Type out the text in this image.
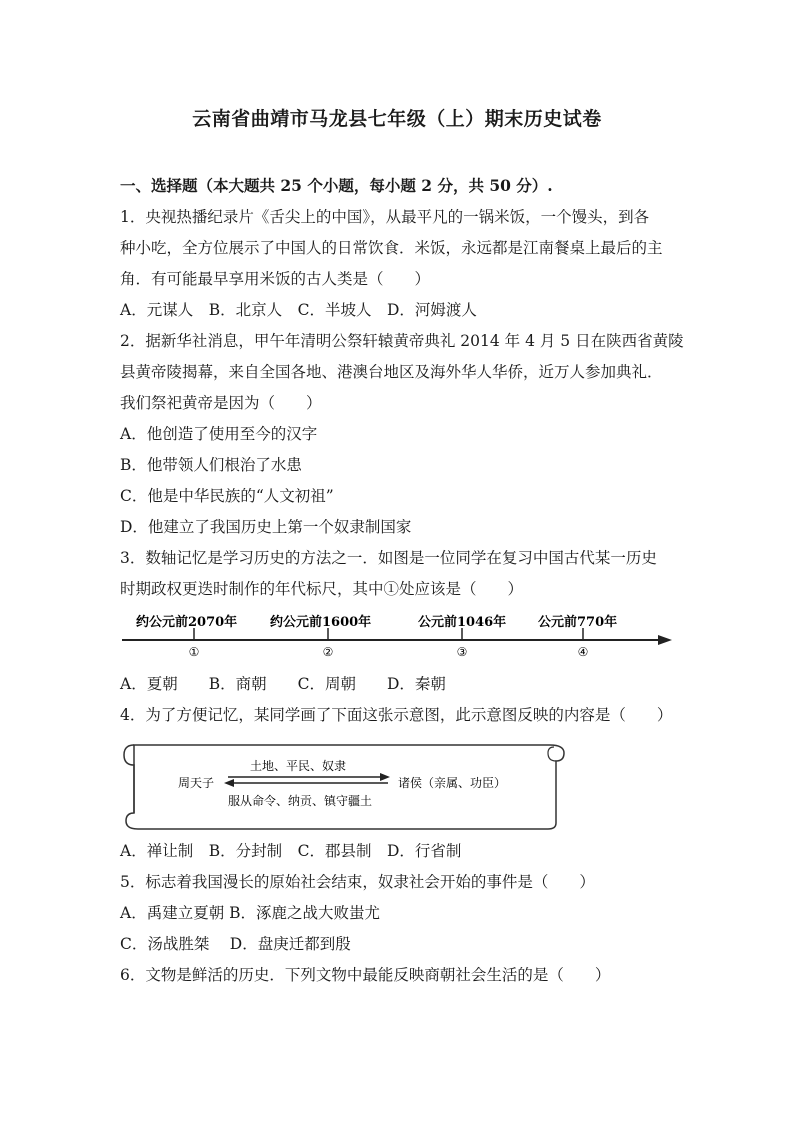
云南省曲靖市马龙县七年级（上）期末历史试卷
一、选择题（本大题共 25 个小题，每小题 2 分，共 50 分）.
1．央视热播纪录片《舌尖上的中国》，从最平凡的一锅米饭，一个馒头，到各
种小吃，全方位展示了中国人的日常饮食．米饭，永远都是江南餐桌上最后的主
角．有可能最早享用米饭的古人类是（　　）
A．元谋人　B．北京人　C．半坡人　D．河姆渡人
2．据新华社消息，甲午年清明公祭轩辕黄帝典礼 2014 年 4 月 5 日在陕西省黄陵
县黄帝陵揭幕，来自全国各地、港澳台地区及海外华人华侨，近万人参加典礼．
我们祭祀黄帝是因为（　　）
A．他创造了使用至今的汉字
B．他带领人们根治了水患
C．他是中华民族的“人文初祖”
D．他建立了我国历史上第一个奴隶制国家
3．数轴记忆是学习历史的方法之一．如图是一位同学在复习中国古代某一历史
时期政权更迭时制作的年代标尺，其中①处应该是（　　）
约公元前2070年
①
约公元前1600年
②
公元前1046年
③
公元前770年
④
A．夏朝　　B．商朝　　C．周朝　　D．秦朝
4．为了方便记忆，某同学画了下面这张示意图，此示意图反映的内容是（　　）
周天子
土地、平民、奴隶
诸侯（亲属、功臣）
服从命令、纳贡、镇守疆土
A．禅让制　B．分封制　C．郡县制　D．行省制
5．标志着我国漫长的原始社会结束，奴隶社会开始的事件是（　　）
A．禹建立夏朝 B．涿鹿之战大败蚩尤
C．汤战胜桀　 D．盘庚迁都到殷
6．文物是鲜活的历史．下列文物中最能反映商朝社会生活的是（　　）
